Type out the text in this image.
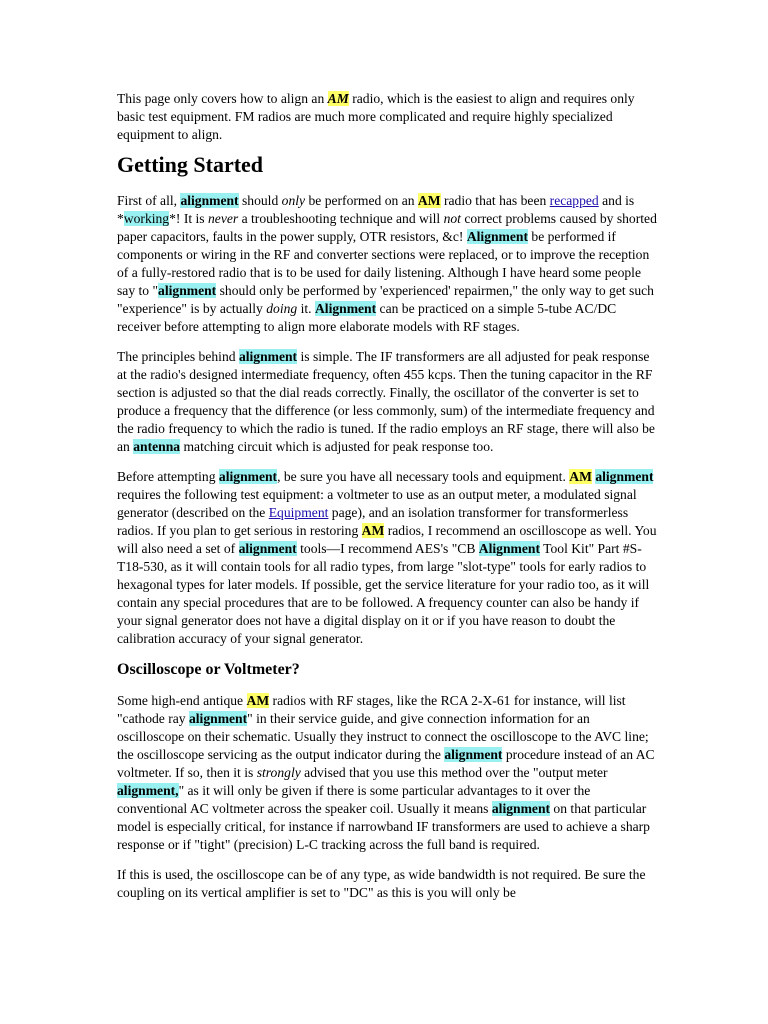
This page only covers how to align an AM radio, which is the easiest to align and requires only basic test equipment. FM radios are much more complicated and require highly specialized equipment to align.

Getting Started

First of all, alignment should only be performed on an AM radio that has been recapped and is *working*! It is never a troubleshooting technique and will not correct problems caused by shorted paper capacitors, faults in the power supply, OTR resistors, &c! Alignment be performed if components or wiring in the RF and converter sections were replaced, or to improve the reception of a fully-restored radio that is to be used for daily listening. Although I have heard some people say to "alignment should only be performed by 'experienced' repairmen," the only way to get such "experience" is by actually doing it. Alignment can be practiced on a simple 5-tube AC/DC receiver before attempting to align more elaborate models with RF stages.

The principles behind alignment is simple. The IF transformers are all adjusted for peak response at the radio's designed intermediate frequency, often 455 kcps. Then the tuning capacitor in the RF section is adjusted so that the dial reads correctly. Finally, the oscillator of the converter is set to produce a frequency that the difference (or less commonly, sum) of the intermediate frequency and the radio frequency to which the radio is tuned. If the radio employs an RF stage, there will also be an antenna matching circuit which is adjusted for peak response too.

Before attempting alignment, be sure you have all necessary tools and equipment. AM alignment requires the following test equipment: a voltmeter to use as an output meter, a modulated signal generator (described on the Equipment page), and an isolation transformer for transformerless radios. If you plan to get serious in restoring AM radios, I recommend an oscilloscope as well. You will also need a set of alignment tools—I recommend AES's "CB Alignment Tool Kit" Part #S-T18-530, as it will contain tools for all radio types, from large "slot-type" tools for early radios to hexagonal types for later models. If possible, get the service literature for your radio too, as it will contain any special procedures that are to be followed. A frequency counter can also be handy if your signal generator does not have a digital display on it or if you have reason to doubt the calibration accuracy of your signal generator.

Oscilloscope or Voltmeter?

Some high-end antique AM radios with RF stages, like the RCA 2-X-61 for instance, will list "cathode ray alignment" in their service guide, and give connection information for an oscilloscope on their schematic. Usually they instruct to connect the oscilloscope to the AVC line; the oscilloscope servicing as the output indicator during the alignment procedure instead of an AC voltmeter. If so, then it is strongly advised that you use this method over the "output meter alignment," as it will only be given if there is some particular advantages to it over the conventional AC voltmeter across the speaker coil. Usually it means alignment on that particular model is especially critical, for instance if narrowband IF transformers are used to achieve a sharp response or if "tight" (precision) L-C tracking across the full band is required.

If this is used, the oscilloscope can be of any type, as wide bandwidth is not required. Be sure the coupling on its vertical amplifier is set to "DC" as this is you will only be
